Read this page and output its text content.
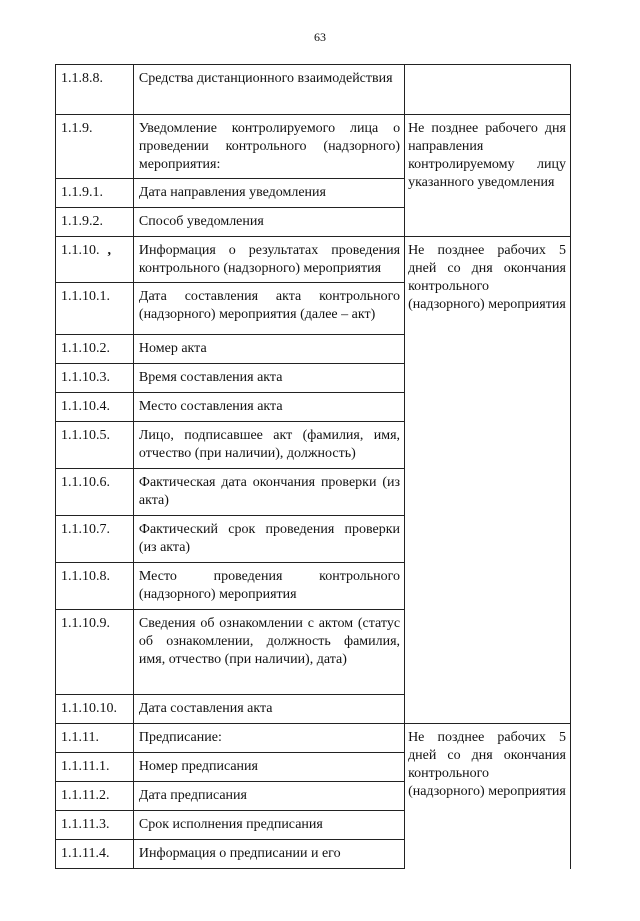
63
1.1.8.8.	Средства дистанционного взаимодействия	
1.1.9.	Уведомление контролируемого лица о проведении контрольного (надзорного) мероприятия:	Не позднее рабочего дня направления контролируемому лицу указанного уведомления
1.1.9.1.	Дата направления уведомления	
1.1.9.2.	Способ уведомления	
1.1.10. ,	Информация о результатах проведения контрольного (надзорного) мероприятия	Не позднее рабочих 5 дней со дня окончания контрольного (надзорного) мероприятия
1.1.10.1.	Дата составления акта контрольного (надзорного) мероприятия (далее – акт)	
1.1.10.2.	Номер акта	
1.1.10.3.	Время составления акта	
1.1.10.4.	Место составления акта	
1.1.10.5.	Лицо, подписавшее акт (фамилия, имя, отчество (при наличии), должность)	
1.1.10.6.	Фактическая дата окончания проверки (из акта)	
1.1.10.7.	Фактический срок проведения проверки (из акта)	
1.1.10.8.	Место проведения контрольного (надзорного) мероприятия	
1.1.10.9.	Сведения об ознакомлении с актом (статус об ознакомлении, должность фамилия, имя, отчество (при наличии), дата)	
1.1.10.10.	Дата составления акта	
1.1.11.	Предписание:	Не позднее рабочих 5 дней со дня окончания контрольного (надзорного) мероприятия
1.1.11.1.	Номер предписания	
1.1.11.2.	Дата предписания	
1.1.11.3.	Срок исполнения предписания	
1.1.11.4.	Информация о предписании и его	
